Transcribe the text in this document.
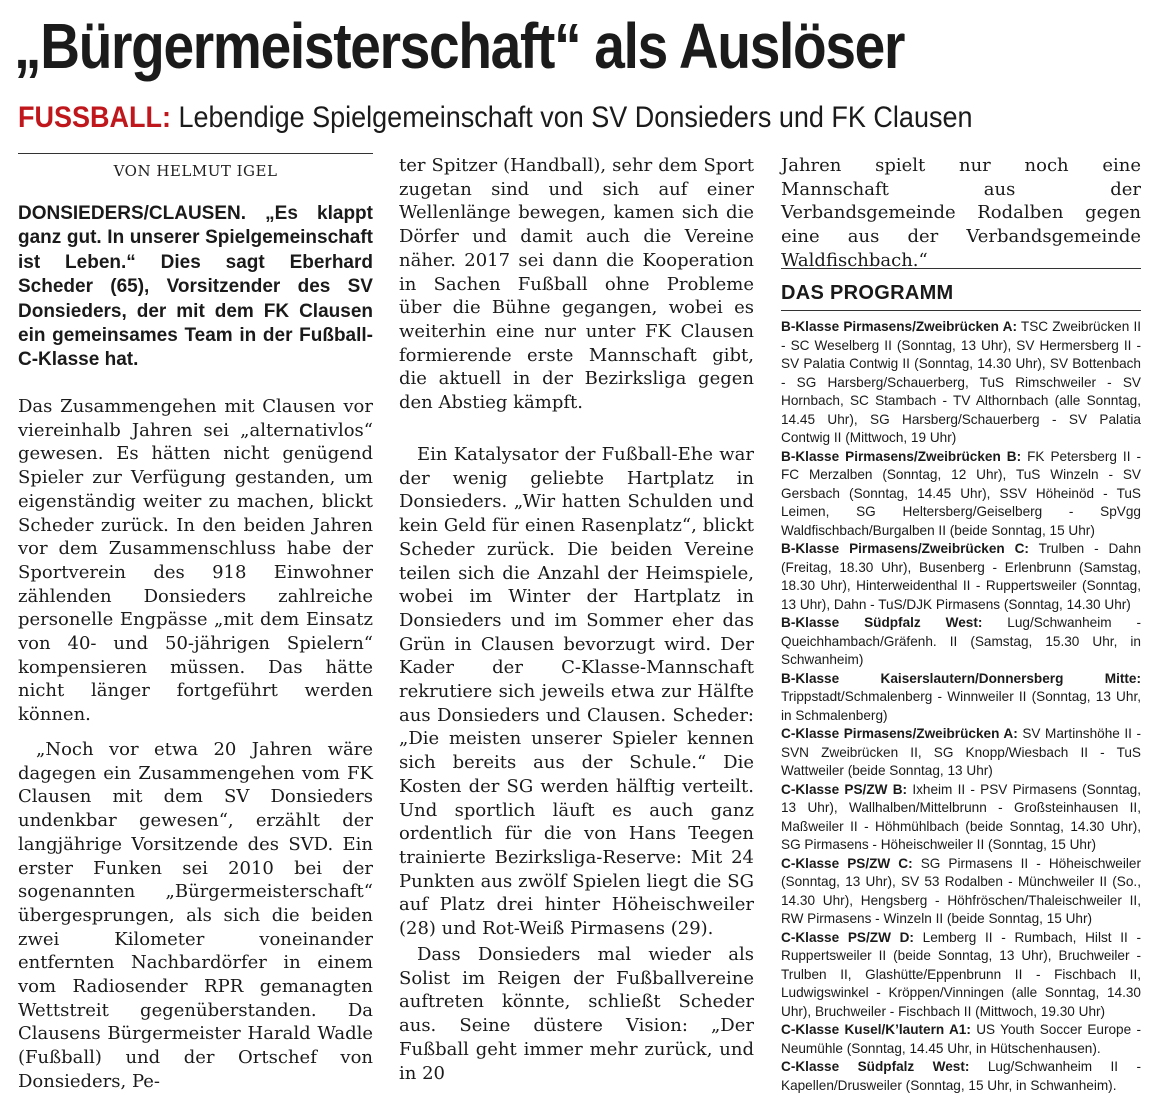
„Bürgermeisterschaft“ als Auslöser
FUSSBALL: Lebendige Spielgemeinschaft von SV Donsieders und FK Clausen
VON HELMUT IGEL
DONSIEDERS/CLAUSEN. „Es klappt ganz gut. In unserer Spielgemeinschaft ist Leben.“ Dies sagt Eberhard Scheder (65), Vorsitzender des SV Donsieders, der mit dem FK Clausen ein gemeinsames Team in der Fußball-C-Klasse hat.

Das Zusammengehen mit Clausen vor viereinhalb Jahren sei „alternativlos“ gewesen. Es hätten nicht genügend Spieler zur Verfügung gestanden, um eigenständig weiter zu machen, blickt Scheder zurück. In den beiden Jahren vor dem Zusammenschluss habe der Sportverein des 918 Einwohner zählenden Donsieders zahlreiche personelle Engpässe „mit dem Einsatz von 40- und 50-jährigen Spielern“ kompensieren müssen. Das hätte nicht länger fortgeführt werden können.

„Noch vor etwa 20 Jahren wäre dagegen ein Zusammengehen vom FK Clausen mit dem SV Donsieders undenkbar gewesen“, erzählt der langjährige Vorsitzende des SVD. Ein erster Funken sei 2010 bei der sogenannten „Bürgermeisterschaft“ übergesprungen, als sich die beiden zwei Kilometer voneinander entfernten Nachbardörfer in einem vom Radiosender RPR gemanagten Wettstreit gegenüberstanden. Da Clausens Bürgermeister Harald Wadle (Fußball) und der Ortschef von Donsieders, Pe-

ter Spitzer (Handball), sehr dem Sport zugetan sind und sich auf einer Wellenlänge bewegen, kamen sich die Dörfer und damit auch die Vereine näher. 2017 sei dann die Kooperation in Sachen Fußball ohne Probleme über die Bühne gegangen, wobei es weiterhin eine nur unter FK Clausen formierende erste Mannschaft gibt, die aktuell in der Bezirksliga gegen den Abstieg kämpft.

Ein Katalysator der Fußball-Ehe war der wenig geliebte Hartplatz in Donsieders. „Wir hatten Schulden und kein Geld für einen Rasenplatz“, blickt Scheder zurück. Die beiden Vereine teilen sich die Anzahl der Heimspiele, wobei im Winter der Hartplatz in Donsieders und im Sommer eher das Grün in Clausen bevorzugt wird. Der Kader der C-Klasse-Mannschaft rekrutiere sich jeweils etwa zur Hälfte aus Donsieders und Clausen. Scheder: „Die meisten unserer Spieler kennen sich bereits aus der Schule.“ Die Kosten der SG werden hälftig verteilt. Und sportlich läuft es auch ganz ordentlich für die von Hans Teegen trainierte Bezirksliga-Reserve: Mit 24 Punkten aus zwölf Spielen liegt die SG auf Platz drei hinter Höheischweiler (28) und Rot-Weiß Pirmasens (29).

Dass Donsieders mal wieder als Solist im Reigen der Fußballvereine auftreten könnte, schließt Scheder aus. Seine düstere Vision: „Der Fußball geht immer mehr zurück, und in 20

Jahren spielt nur noch eine Mannschaft aus der Verbandsgemeinde Rodalben gegen eine aus der Verbandsgemeinde Waldfischbach.“

DAS PROGRAMM
B-Klasse Pirmasens/Zweibrücken A: TSC Zweibrücken II - SC Weselberg II (Sonntag, 13 Uhr), SV Hermersberg II - SV Palatia Contwig II (Sonntag, 14.30 Uhr), SV Bottenbach - SG Harsberg/Schauerberg, TuS Rimschweiler - SV Hornbach, SC Stambach - TV Althornbach (alle Sonntag, 14.45 Uhr), SG Harsberg/Schauerberg - SV Palatia Contwig II (Mittwoch, 19 Uhr)
B-Klasse Pirmasens/Zweibrücken B: FK Petersberg II - FC Merzalben (Sonntag, 12 Uhr), TuS Winzeln - SV Gersbach (Sonntag, 14.45 Uhr), SSV Höheinöd - TuS Leimen, SG Heltersberg/Geiselberg - SpVgg Waldfischbach/Burgalben II (beide Sonntag, 15 Uhr)
B-Klasse Pirmasens/Zweibrücken C: Trulben - Dahn (Freitag, 18.30 Uhr), Busenberg - Erlenbrunn (Samstag, 18.30 Uhr), Hinterweidenthal II - Ruppertsweiler (Sonntag, 13 Uhr), Dahn - TuS/DJK Pirmasens (Sonntag, 14.30 Uhr)
B-Klasse Südpfalz West: Lug/Schwanheim - Queichhambach/Gräfenh. II (Samstag, 15.30 Uhr, in Schwanheim)
B-Klasse Kaiserslautern/Donnersberg Mitte: Trippstadt/Schmalenberg - Winnweiler II (Sonntag, 13 Uhr, in Schmalenberg)
C-Klasse Pirmasens/Zweibrücken A: SV Martinshöhe II - SVN Zweibrücken II, SG Knopp/Wiesbach II - TuS Wattweiler (beide Sonntag, 13 Uhr)
C-Klasse PS/ZW B: Ixheim II - PSV Pirmasens (Sonntag, 13 Uhr), Wallhalben/Mittelbrunn - Großsteinhausen II, Maßweiler II - Höhmühlbach (beide Sonntag, 14.30 Uhr), SG Pirmasens - Höheischweiler II (Sonntag, 15 Uhr)
C-Klasse PS/ZW C: SG Pirmasens II - Höheischweiler (Sonntag, 13 Uhr), SV 53 Rodalben - Münchweiler II (So., 14.30 Uhr), Hengsberg - Höhfröschen/Thaleischweiler II, RW Pirmasens - Winzeln II (beide Sonntag, 15 Uhr)
C-Klasse PS/ZW D: Lemberg II - Rumbach, Hilst II - Ruppertsweiler II (beide Sonntag, 13 Uhr), Bruchweiler - Trulben II, Glashütte/Eppenbrunn II - Fischbach II, Ludwigswinkel - Kröppen/Vinningen (alle Sonntag, 14.30 Uhr), Bruchweiler - Fischbach II (Mittwoch, 19.30 Uhr)
C-Klasse Kusel/K’lautern A1: US Youth Soccer Europe - Neumühle (Sonntag, 14.45 Uhr, in Hütschenhausen).
C-Klasse Südpfalz West: Lug/Schwanheim II - Kapellen/Drusweiler (Sonntag, 15 Uhr, in Schwanheim).
